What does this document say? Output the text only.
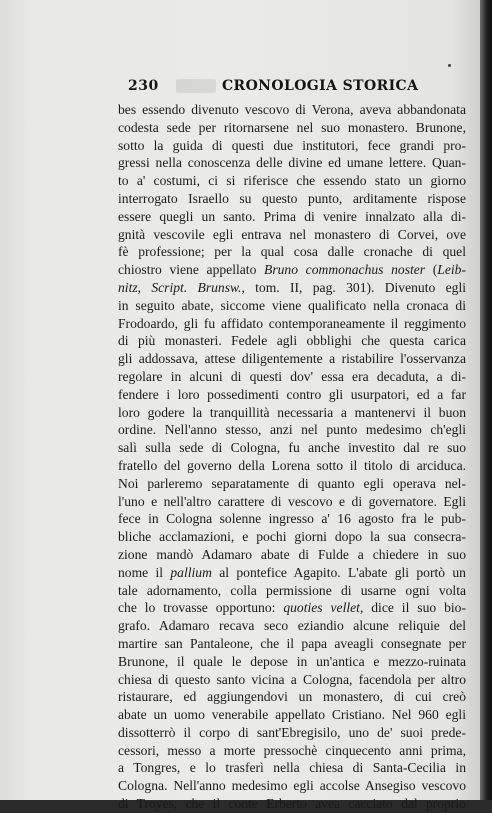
230	CRONOLOGIA STORICA
bes essendo divenuto vescovo di Verona, aveva abbandonata
codesta sede per ritornarsene nel suo monastero. Brunone,
sotto la guida di questi due institutori, fece grandi pro-
gressi nella conoscenza delle divine ed umane lettere. Quan-
to a' costumi, ci si riferisce che essendo stato un giorno
interrogato Israello su questo punto, arditamente rispose
essere quegli un santo. Prima di venire innalzato alla di-
gnità vescovile egli entrava nel monastero di Corvei, ove
fè professione; per la qual cosa dalle cronache di quel
chiostro viene appellato Bruno commonachus noster (Leib-
nitz, Script. Brunsw., tom. II, pag. 301). Divenuto egli
in seguito abate, siccome viene qualificato nella cronaca di
Frodoardo, gli fu affidato contemporaneamente il reggimento
di più monasteri. Fedele agli obblighi che questa carica
gli addossava, attese diligentemente a ristabilire l'osservanza
regolare in alcuni di questi dov' essa era decaduta, a di-
fendere i loro possedimenti contro gli usurpatori, ed a far
loro godere la tranquillità necessaria a mantenervi il buon
ordine. Nell'anno stesso, anzi nel punto medesimo ch'egli
salì sulla sede di Cologna, fu anche investito dal re suo
fratello del governo della Lorena sotto il titolo di arciduca.
Noi parleremo separatamente di quanto egli operava nel-
l'uno e nell'altro carattere di vescovo e di governatore. Egli
fece in Cologna solenne ingresso a' 16 agosto fra le pub-
bliche acclamazioni, e pochi giorni dopo la sua consecra-
zione mandò Adamaro abate di Fulde a chiedere in suo
nome il pallium al pontefice Agapito. L'abate gli portò un
tale adornamento, colla permissione di usarne ogni volta
che lo trovasse opportuno: quoties vellet, dice il suo bio-
grafo. Adamaro recava seco eziandio alcune reliquie del
martire san Pantaleone, che il papa aveagli consegnate per
Brunone, il quale le depose in un'antica e mezzo-ruinata
chiesa di questo santo vicina a Cologna, facendola per altro
ristaurare, ed aggiungendovi un monastero, di cui creò
abate un uomo venerabile appellato Cristiano. Nel 960 egli
dissotterrò il corpo di sant'Ebregisilo, uno de' suoi prede-
cessori, messo a morte pressochè cinquecento anni prima,
a Tongres, e lo trasferì nella chiesa di Santa-Cecilia in
Cologna. Nell'anno medesimo egli accolse Ansegiso vescovo
di Troyes, che il conte Erberto avea cacciato dal proprio
